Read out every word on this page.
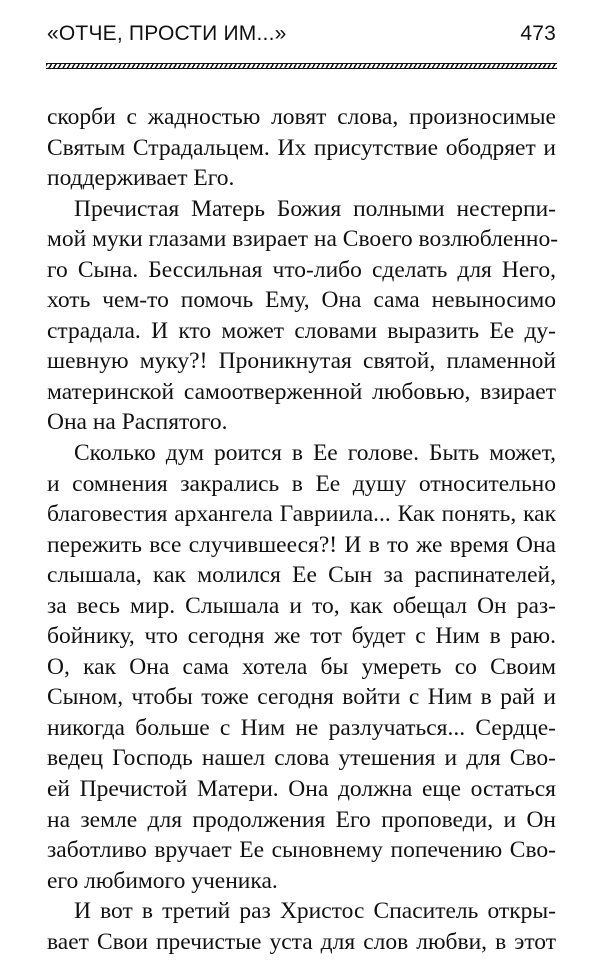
«ОТЧЕ, ПРОСТИ ИМ...»	473
скорби с жадностью ловят слова, произносимые
Святым Страдальцем. Их присутствие ободряет и
поддерживает Его.
Пречистая Матерь Божия полными нестерпи-
мой муки глазами взирает на Своего возлюбленно-
го Сына. Бессильная что-либо сделать для Него,
хоть чем-то помочь Ему, Она сама невыносимо
страдала. И кто может словами выразить Ее ду-
шевную муку?! Проникнутая святой, пламенной
материнской самоотверженной любовью, взирает
Она на Распятого.
Сколько дум роится в Ее голове. Быть может,
и сомнения закрались в Ее душу относительно
благовестия архангела Гавриила... Как понять, как
пережить все случившееся?! И в то же время Она
слышала, как молился Ее Сын за распинателей,
за весь мир. Слышала и то, как обещал Он раз-
бойнику, что сегодня же тот будет с Ним в раю.
О, как Она сама хотела бы умереть со Своим
Сыном, чтобы тоже сегодня войти с Ним в рай и
никогда больше с Ним не разлучаться... Сердце-
ведец Господь нашел слова утешения и для Сво-
ей Пречистой Матери. Она должна еще остаться
на земле для продолжения Его проповеди, и Он
заботливо вручает Ее сыновнему попечению Сво-
его любимого ученика.
И вот в третий раз Христос Спаситель откры-
вает Свои пречистые уста для слов любви, в этот
